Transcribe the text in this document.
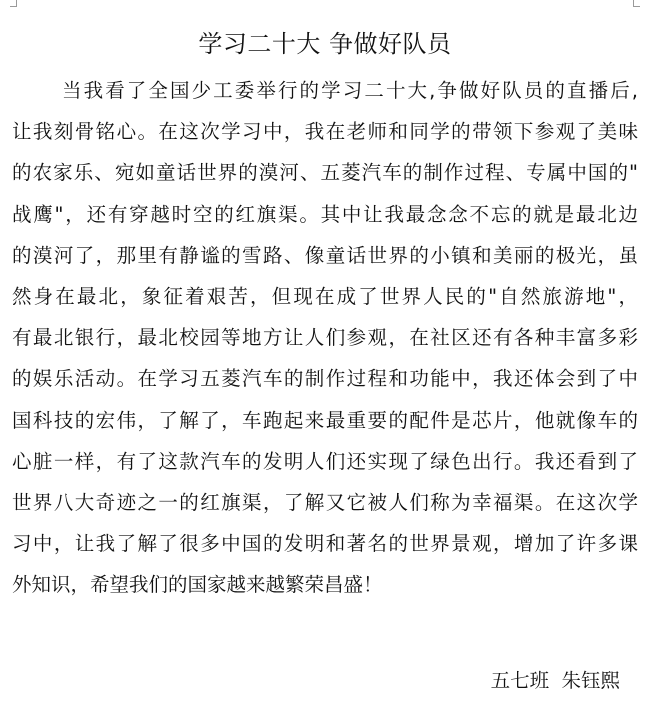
学习二十大 争做好队员
当我看了全国少工委举行的学习二十大,争做好队员的直播后,
让我刻骨铭心。在这次学习中，我在老师和同学的带领下参观了美味
的农家乐、宛如童话世界的漠河、五菱汽车的制作过程、专属中国的"
战鹰"，还有穿越时空的红旗渠。其中让我最念念不忘的就是最北边
的漠河了，那里有静谧的雪路、像童话世界的小镇和美丽的极光，虽
然身在最北，象征着艰苦，但现在成了世界人民的"自然旅游地"，
有最北银行，最北校园等地方让人们参观，在社区还有各种丰富多彩
的娱乐活动。在学习五菱汽车的制作过程和功能中，我还体会到了中
国科技的宏伟，了解了，车跑起来最重要的配件是芯片，他就像车的
心脏一样，有了这款汽车的发明人们还实现了绿色出行。我还看到了
世界八大奇迹之一的红旗渠，了解又它被人们称为幸福渠。在这次学
习中，让我了解了很多中国的发明和著名的世界景观，增加了许多课
外知识，希望我们的国家越来越繁荣昌盛！
五七班  朱钰熙
